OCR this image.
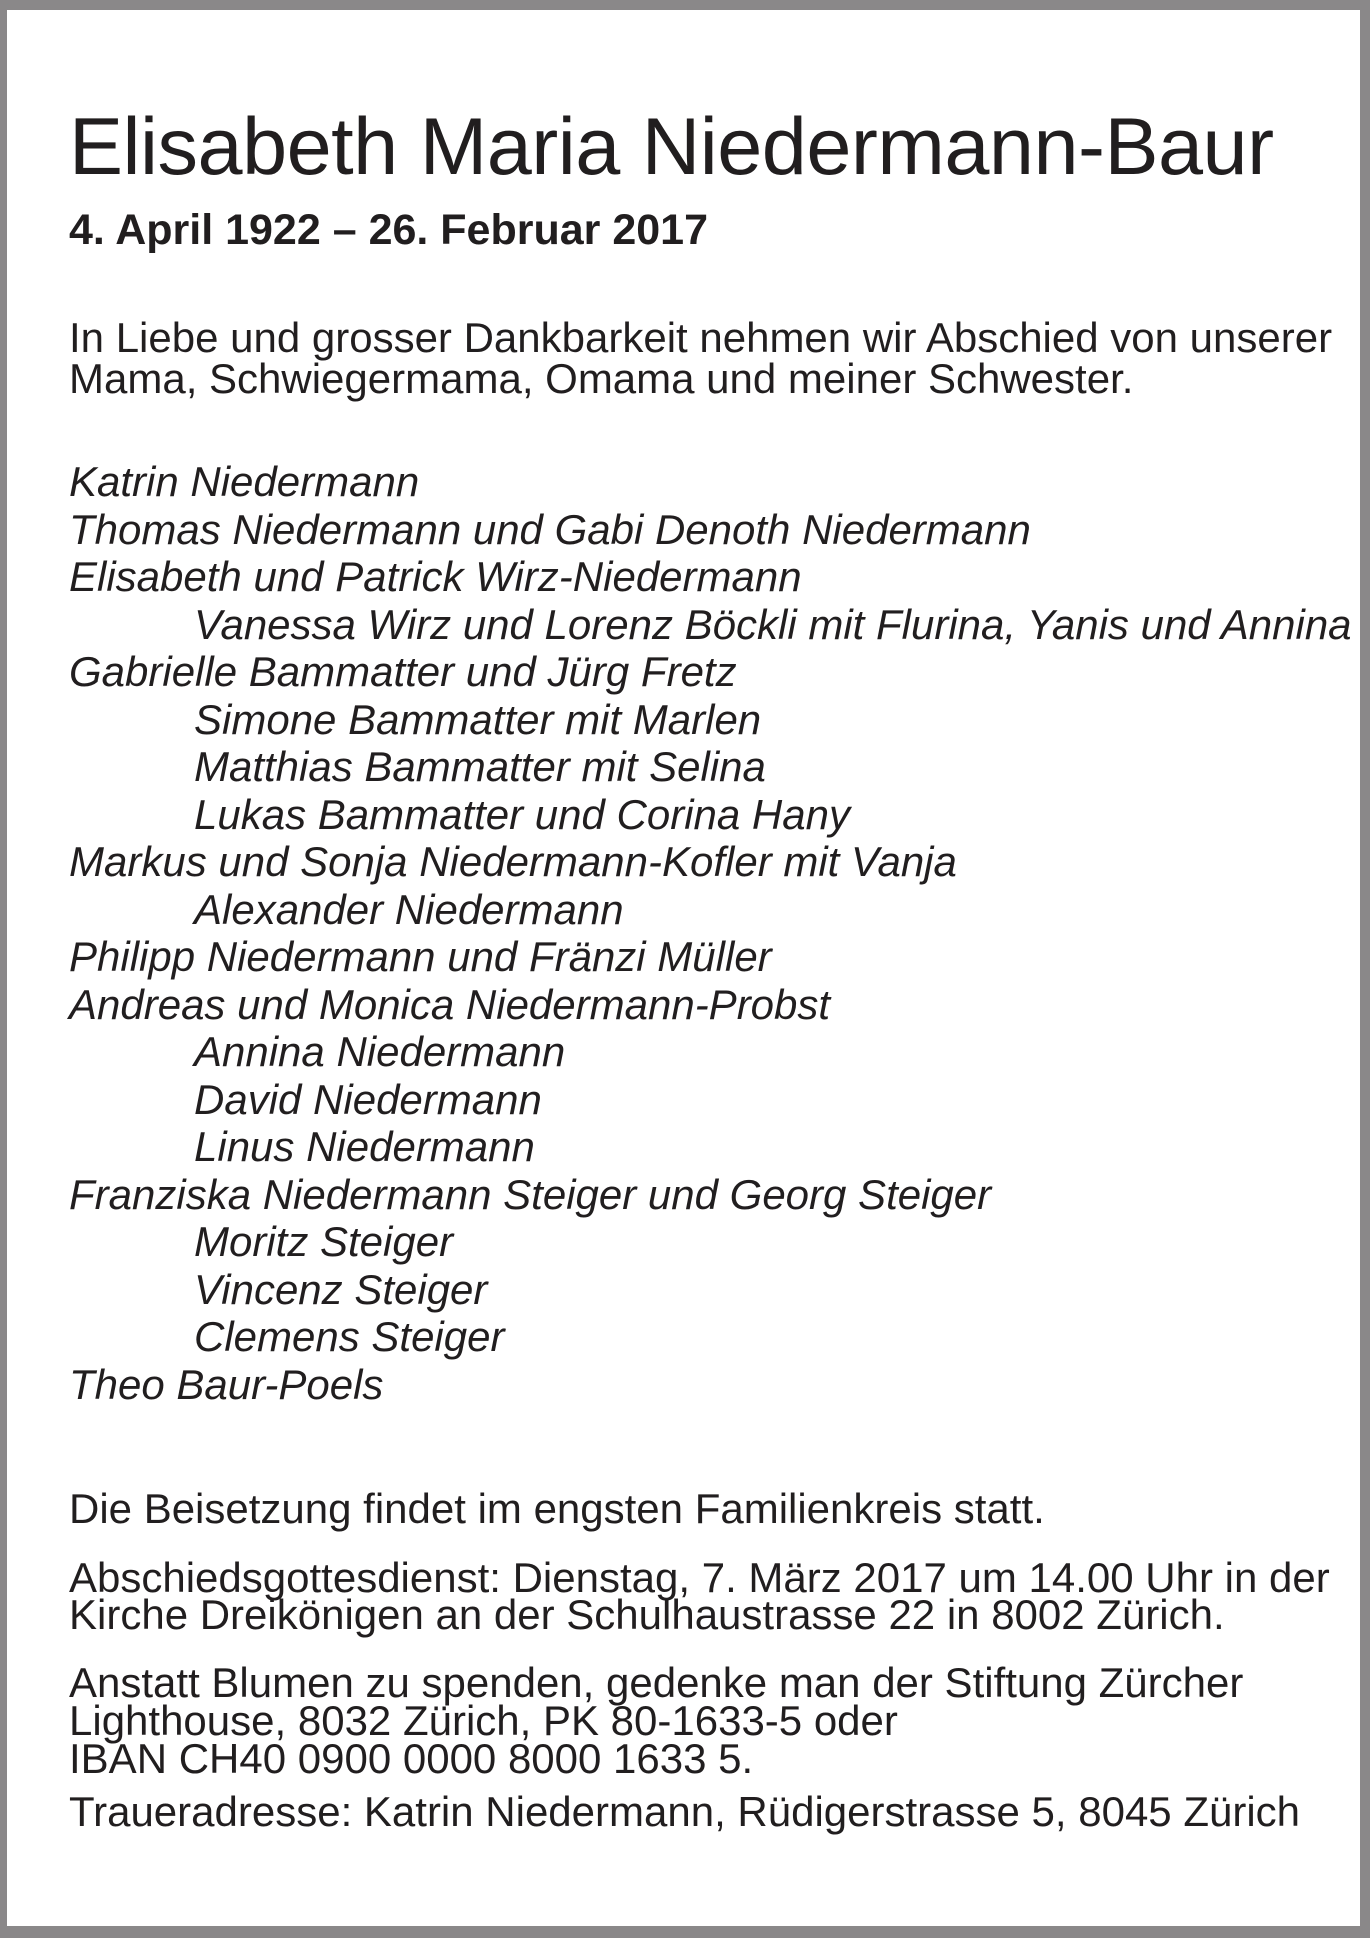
Elisabeth Maria Niedermann-Baur
4. April 1922 – 26. Februar 2017
In Liebe und grosser Dankbarkeit nehmen wir Abschied von unserer
Mama, Schwiegermama, Omama und meiner Schwester.
Katrin Niedermann
Thomas Niedermann und Gabi Denoth Niedermann
Elisabeth und Patrick Wirz-Niedermann
Vanessa Wirz und Lorenz Böckli mit Flurina, Yanis und Annina
Gabrielle Bammatter und Jürg Fretz
Simone Bammatter mit Marlen
Matthias Bammatter mit Selina
Lukas Bammatter und Corina Hany
Markus und Sonja Niedermann-Kofler mit Vanja
Alexander Niedermann
Philipp Niedermann und Fränzi Müller
Andreas und Monica Niedermann-Probst
Annina Niedermann
David Niedermann
Linus Niedermann
Franziska Niedermann Steiger und Georg Steiger
Moritz Steiger
Vincenz Steiger
Clemens Steiger
Theo Baur-Poels
Die Beisetzung findet im engsten Familienkreis statt.
Abschiedsgottesdienst: Dienstag, 7. März 2017 um 14.00 Uhr in der
Kirche Dreikönigen an der Schulhaustrasse 22 in 8002 Zürich.
Anstatt Blumen zu spenden, gedenke man der Stiftung Zürcher
Lighthouse, 8032 Zürich, PK 80-1633-5 oder
IBAN CH40 0900 0000 8000 1633 5.
Traueradresse: Katrin Niedermann, Rüdigerstrasse 5, 8045 Zürich
